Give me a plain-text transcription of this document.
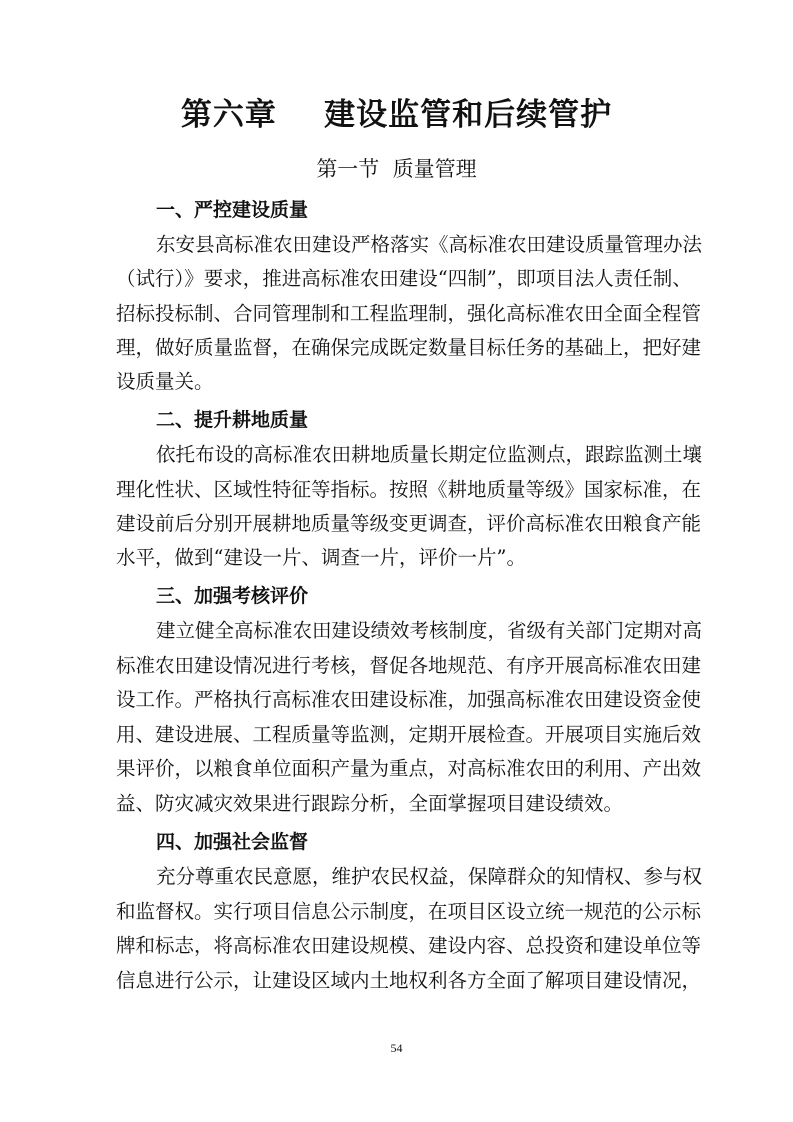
第六章    建设监管和后续管护
第一节  质量管理
一、严控建设质量
东安县高标准农田建设严格落实《高标准农田建设质量管理办法
（试行）》要求，推进高标准农田建设“四制”，即项目法人责任制、
招标投标制、合同管理制和工程监理制，强化高标准农田全面全程管
理，做好质量监督，在确保完成既定数量目标任务的基础上，把好建
设质量关。
二、提升耕地质量
依托布设的高标准农田耕地质量长期定位监测点，跟踪监测土壤
理化性状、区域性特征等指标。按照《耕地质量等级》国家标准，在
建设前后分别开展耕地质量等级变更调查，评价高标准农田粮食产能
水平，做到“建设一片、调查一片，评价一片”。
三、加强考核评价
建立健全高标准农田建设绩效考核制度，省级有关部门定期对高
标准农田建设情况进行考核，督促各地规范、有序开展高标准农田建
设工作。严格执行高标准农田建设标准，加强高标准农田建设资金使
用、建设进展、工程质量等监测，定期开展检查。开展项目实施后效
果评价，以粮食单位面积产量为重点，对高标准农田的利用、产出效
益、防灾减灾效果进行跟踪分析，全面掌握项目建设绩效。
四、加强社会监督
充分尊重农民意愿，维护农民权益，保障群众的知情权、参与权
和监督权。实行项目信息公示制度，在项目区设立统一规范的公示标
牌和标志，将高标准农田建设规模、建设内容、总投资和建设单位等
信息进行公示，让建设区域内土地权利各方全面了解项目建设情况，
54
